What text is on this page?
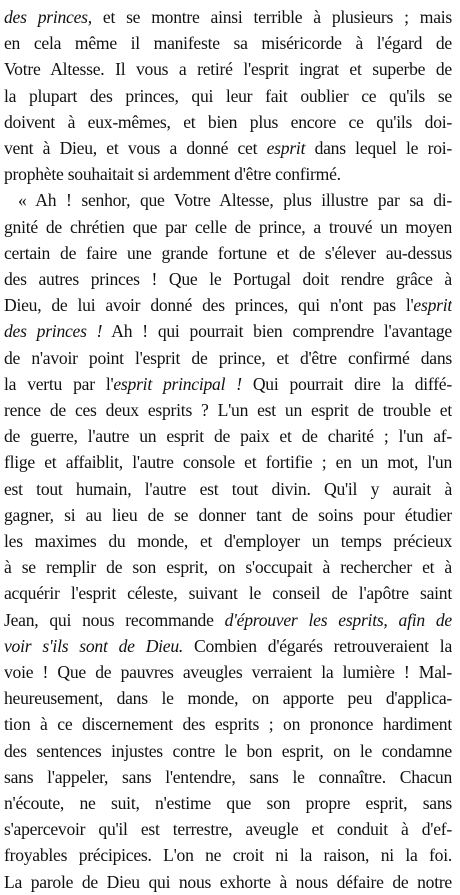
des princes, et se montre ainsi terrible à plusieurs ; mais
en cela même il manifeste sa miséricorde à l'égard de
Votre Altesse. Il vous a retiré l'esprit ingrat et superbe de
la plupart des princes, qui leur fait oublier ce qu'ils se
doivent à eux-mêmes, et bien plus encore ce qu'ils doi-
vent à Dieu, et vous a donné cet esprit dans lequel le roi-
prophète souhaitait si ardemment d'être confirmé.
« Ah ! senhor, que Votre Altesse, plus illustre par sa di-
gnité de chrétien que par celle de prince, a trouvé un moyen
certain de faire une grande fortune et de s'élever au-dessus
des autres princes ! Que le Portugal doit rendre grâce à
Dieu, de lui avoir donné des princes, qui n'ont pas l'esprit
des princes ! Ah ! qui pourrait bien comprendre l'avantage
de n'avoir point l'esprit de prince, et d'être confirmé dans
la vertu par l'esprit principal ! Qui pourrait dire la diffé-
rence de ces deux esprits ? L'un est un esprit de trouble et
de guerre, l'autre un esprit de paix et de charité ; l'un af-
flige et affaiblit, l'autre console et fortifie ; en un mot, l'un
est tout humain, l'autre est tout divin. Qu'il y aurait à
gagner, si au lieu de se donner tant de soins pour étudier
les maximes du monde, et d'employer un temps précieux
à se remplir de son esprit, on s'occupait à rechercher et à
acquérir l'esprit céleste, suivant le conseil de l'apôtre saint
Jean, qui nous recommande d'éprouver les esprits, afin de
voir s'ils sont de Dieu. Combien d'égarés retrouveraient la
voie ! Que de pauvres aveugles verraient la lumière ! Mal-
heureusement, dans le monde, on apporte peu d'applica-
tion à ce discernement des esprits ; on prononce hardiment
des sentences injustes contre le bon esprit, on le condamne
sans l'appeler, sans l'entendre, sans le connaître. Chacun
n'écoute, ne suit, n'estime que son propre esprit, sans
s'apercevoir qu'il est terrestre, aveugle et conduit à d'ef-
froyables précipices. L'on ne croit ni la raison, ni la foi.
La parole de Dieu qui nous exhorte à nous défaire de notre
